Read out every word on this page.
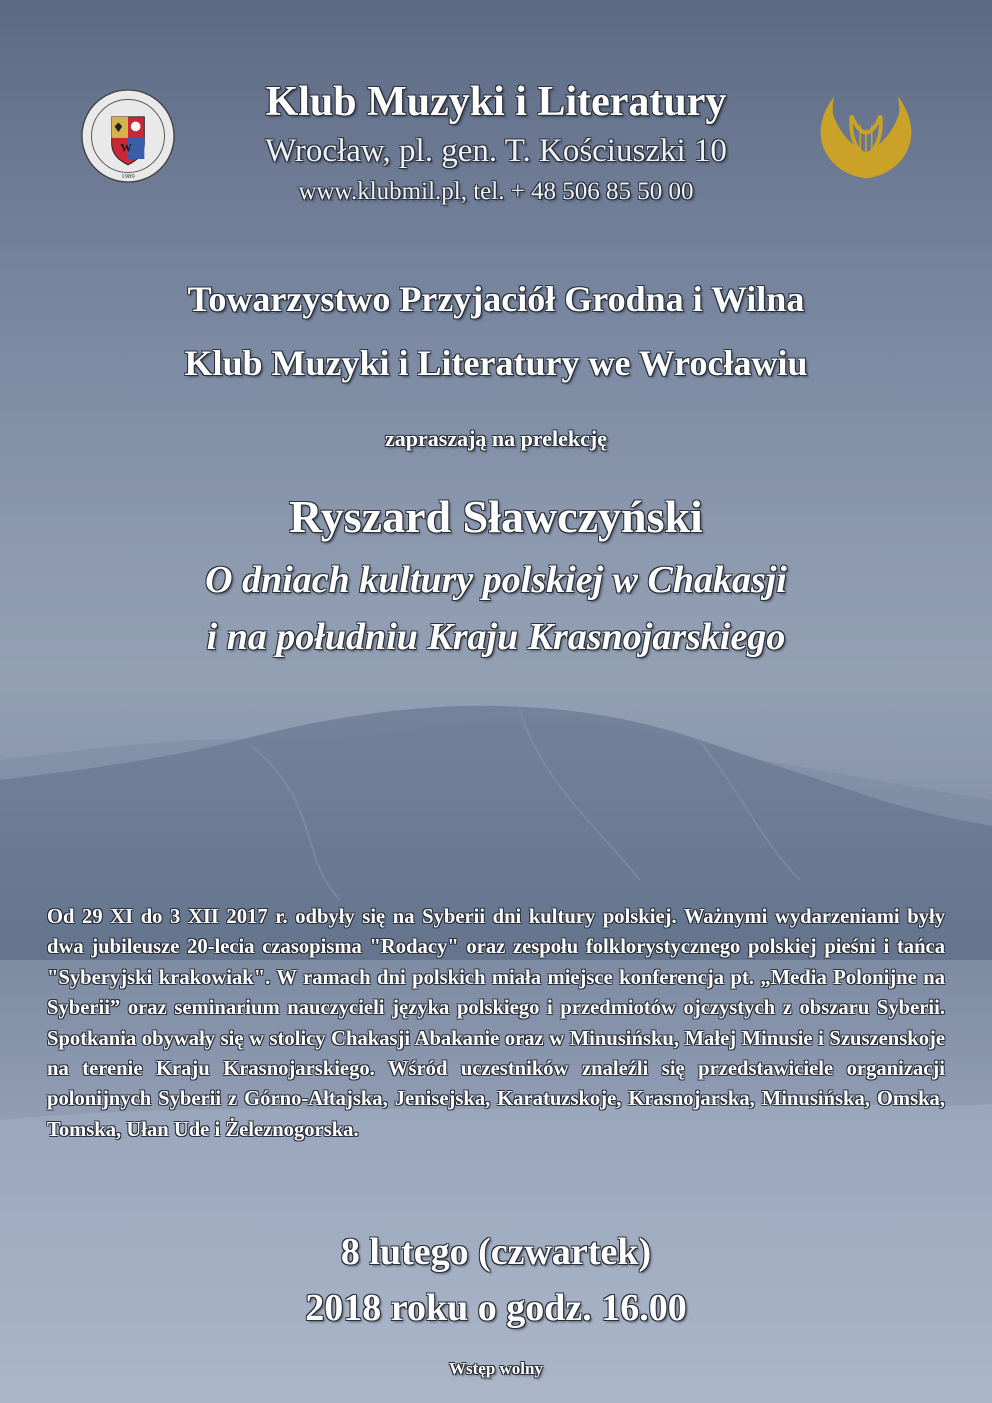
W
1989
Klub Muzyki i Literatury

Wrocław, pl. gen. T. Kościuszki 10

www.klubmil.pl, tel. + 48 506 85 50 00

Towarzystwo Przyjaciół Grodna i Wilna

Klub Muzyki i Literatury we Wrocławiu

zapraszają na prelekcję

Ryszard Sławczyński

O dniach kultury polskiej w Chakasji

i na południu Kraju Krasnojarskiego

Od 29 XI do 3 XII 2017 r. odbyły się na Syberii dni kultury polskiej. Ważnymi wydarzeniami były dwa jubileusze 20-lecia czasopisma "Rodacy" oraz zespołu folklorystycznego polskiej pieśni i tańca "Syberyjski krakowiak". W ramach dni polskich miała miejsce konferencja pt. „Media Polonijne na Syberii” oraz seminarium nauczycieli języka polskiego i przedmiotów ojczystych z obszaru Syberii. Spotkania obywały się w stolicy Chakasji Abakanie oraz w Minusińsku, Małej Minusie i Szuszenskoje na terenie Kraju Krasnojarskiego. Wśród uczestników znaleźli się przedstawiciele organizacji polonijnych Syberii z Górno-Ałtajska, Jenisejska, Karatuzskoje, Krasnojarska, Minusińska, Omska, Tomska, Ułan Ude i Żeleznogorska.

8 lutego (czwartek)

2018 roku o godz. 16.00

Wstęp wolny
